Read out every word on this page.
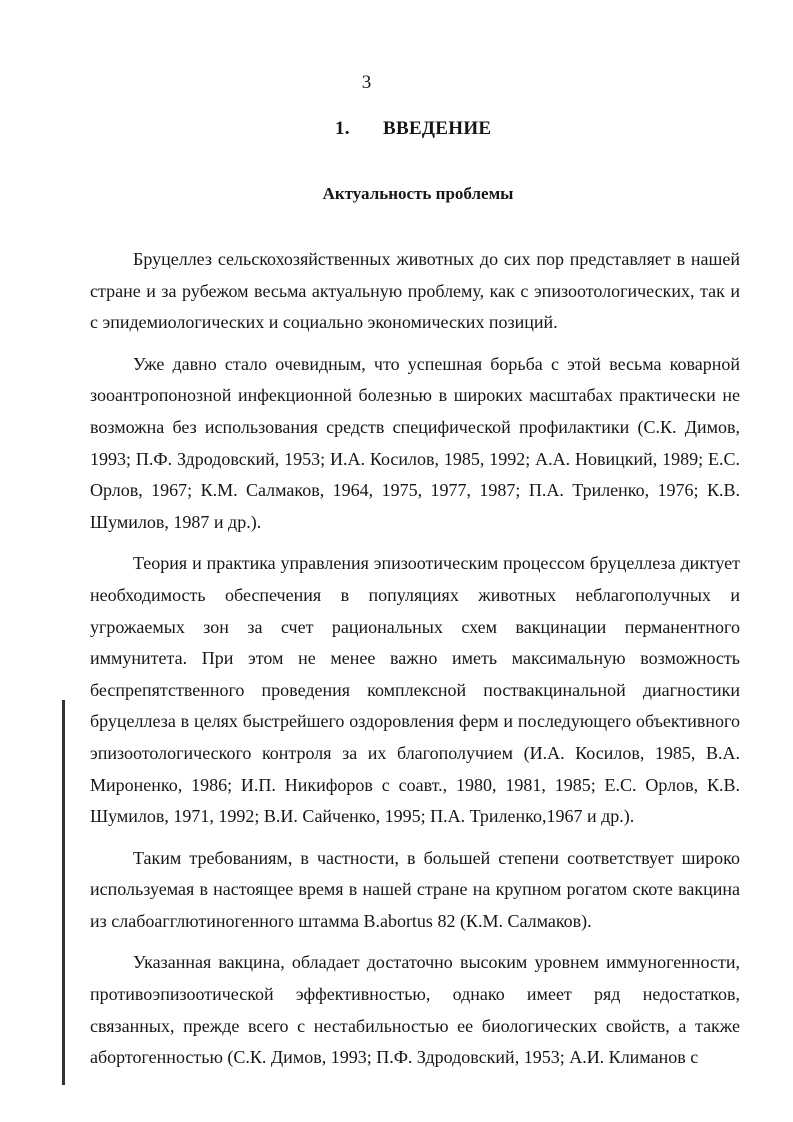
3
1. ВВЕДЕНИЕ
Актуальность проблемы

Бруцеллез сельскохозяйственных животных до сих пор представляет в нашей стране и за рубежом весьма актуальную проблему, как с эпизоотологических, так и с эпидемиологических и социально экономических позиций.

Уже давно стало очевидным, что успешная борьба с этой весьма коварной зооантропонозной инфекционной болезнью в широких масштабах практически не возможна без использования средств специфической профилактики (С.К. Димов, 1993; П.Ф. Здродовский, 1953; И.А. Косилов, 1985, 1992; А.А. Новицкий, 1989; Е.С. Орлов, 1967; К.М. Салмаков, 1964, 1975, 1977, 1987; П.А. Триленко, 1976; К.В. Шумилов, 1987 и др.).

Теория и практика управления эпизоотическим процессом бруцеллеза диктует необходимость обеспечения в популяциях животных неблагополучных и угрожаемых зон за счет рациональных схем вакцинации перманентного иммунитета. При этом не менее важно иметь максимальную возможность беспрепятственного проведения комплексной поствакцинальной диагностики бруцеллеза в целях быстрейшего оздоровления ферм и последующего объективного эпизоотологического контроля за их благополучием (И.А. Косилов, 1985, В.А. Мироненко, 1986; И.П. Никифоров с соавт., 1980, 1981, 1985; Е.С. Орлов, К.В. Шумилов, 1971, 1992; В.И. Сайченко, 1995; П.А. Триленко,1967 и др.).

Таким требованиям, в частности, в большей степени соответствует широко используемая в настоящее время в нашей стране на крупном рогатом скоте вакцина из слабоагглютиногенного штамма B.abortus 82 (К.М. Салмаков).

Указанная вакцина, обладает достаточно высоким уровнем иммуногенности, противоэпизоотической эффективностью, однако имеет ряд недостатков, связанных, прежде всего с нестабильностью ее биологических свойств, а также абортогенностью (С.К. Димов, 1993; П.Ф. Здродовский, 1953; А.И. Климанов с
